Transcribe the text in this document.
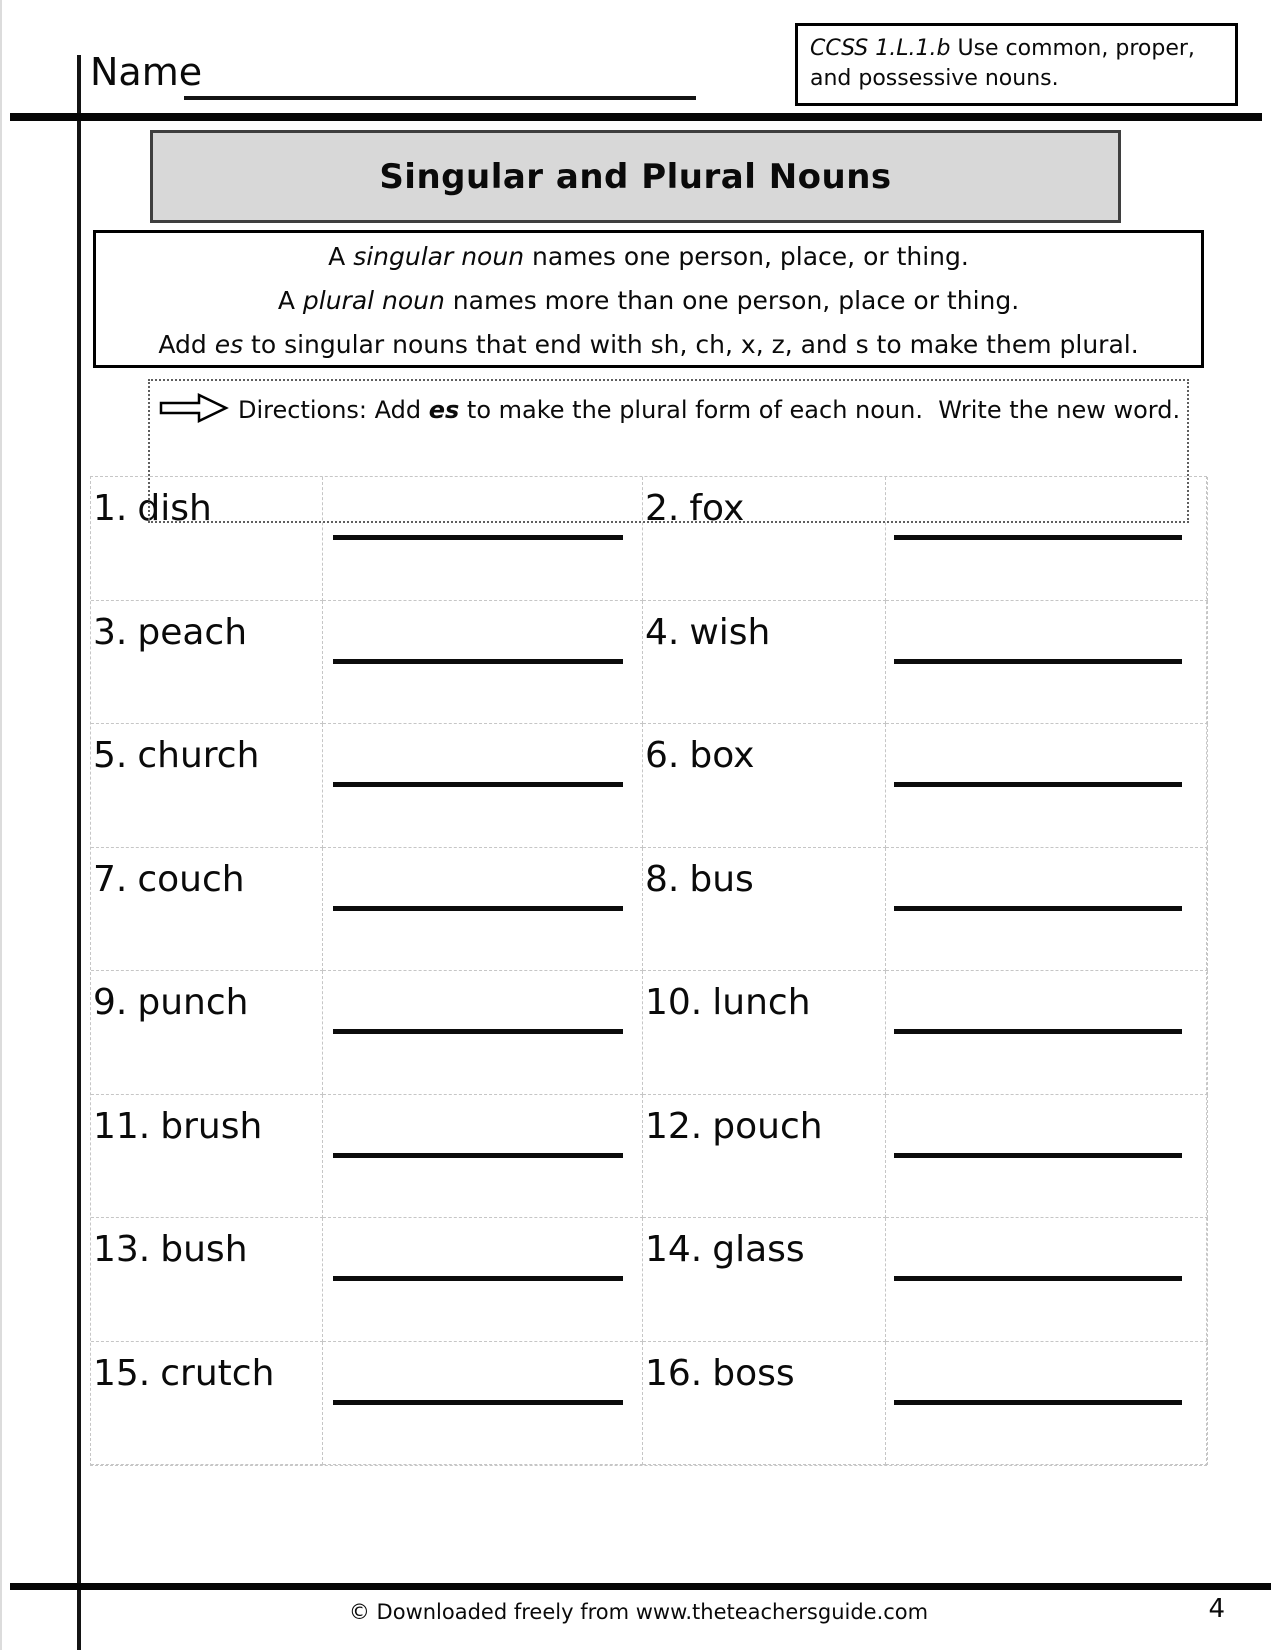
Name
CCSS 1.L.1.b Use common, proper, and possessive nouns.
Singular and Plural Nouns
A singular noun names one person, place, or thing.
A plural noun names more than one person, place or thing.
Add es to singular nouns that end with sh, ch, x, z, and s to make them plural.
Directions: Add es to make the plural form of each noun.  Write the new word.
1. dish	2. fox
3. peach	4. wish
5. church	6. box
7. couch	8. bus
9. punch	10. lunch
11. brush	12. pouch
13. bush	14. glass
15. crutch	16. boss
© Downloaded freely from www.theteachersguide.com	4
